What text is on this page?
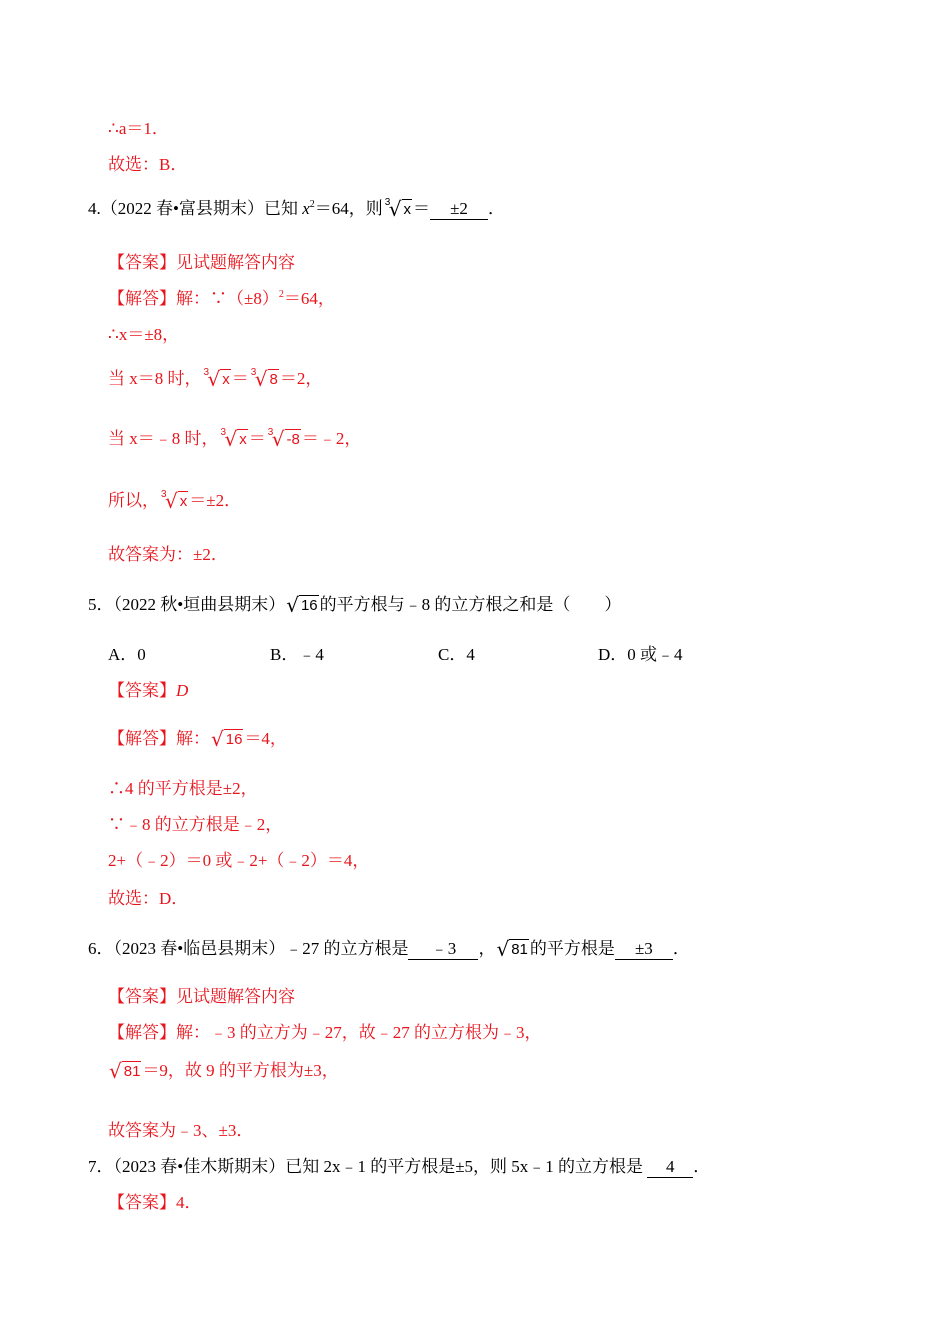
∴a＝1．
故选：B．
4.（2022 春•富县期末）已知 $x^2=64$，则 3
√ x ＝ ±2 ．
【答案】见试题解答内容
【解答】解：$\because(\pm 8)^2=64$，
∴x＝±8，
当 x＝8 时， 3
√ x ＝ 3
√ 8 ＝2，
当 x＝﹣8 时， 3
√ x ＝ 3
√ -8 ＝﹣2，
所以， 3
√ x ＝±2．
故答案为：±2．
5．（2022 秋•垣曲县期末） √ 16 的平方根与﹣8 的立方根之和是（　　）
A．0	B．﹣4	C．4	D．0 或﹣4
【答案】D
【解答】解： √ 16 ＝4，
∴4 的平方根是±2，
∵﹣8 的立方根是﹣2，
2+（﹣2）＝0 或﹣2+（﹣2）＝4，
故选：D．
6．（2023 春•临邑县期末）﹣27 的立方根是 ﹣3 ， √ 81 的平方根是 ±3 ．
【答案】见试题解答内容
【解答】解：﹣3 的立方为﹣27，故﹣27 的立方根为﹣3，
√ 81 ＝9，故 9 的平方根为±3，
故答案为﹣3、±3．
7．（2023 春•佳木斯期末）已知 2x﹣1 的平方根是±5，则 5x﹣1 的立方根是 4 ．
【答案】4．
